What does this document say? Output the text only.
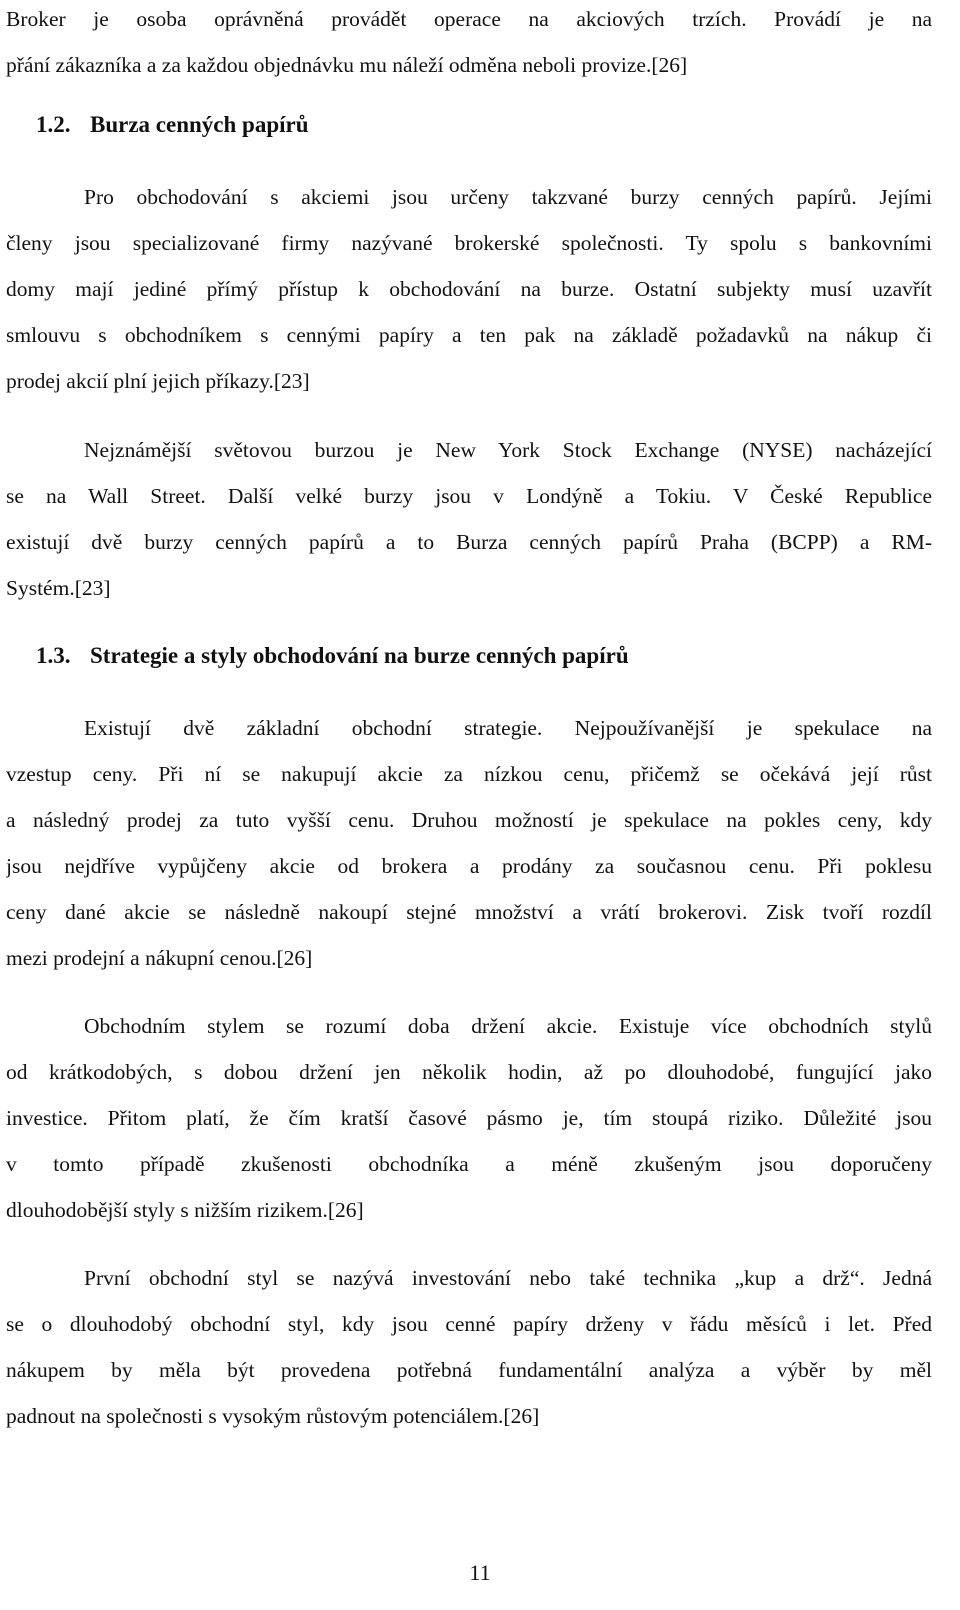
Broker je osoba oprávněná provádět operace na akciových trzích. Provádí je na
přání zákazníka a za každou objednávku mu náleží odměna neboli provize.[26]
1.2. Burza cenných papírů
Pro obchodování s akciemi jsou určeny takzvané burzy cenných papírů. Jejími
členy jsou specializované firmy nazývané brokerské společnosti. Ty spolu s bankovními
domy mají jediné přímý přístup k obchodování na burze. Ostatní subjekty musí uzavřít
smlouvu s obchodníkem s cennými papíry a ten pak na základě požadavků na nákup či
prodej akcií plní jejich příkazy.[23]
Nejznámější světovou burzou je New York Stock Exchange (NYSE) nacházející
se na Wall Street. Další velké burzy jsou v Londýně a Tokiu. V České Republice
existují dvě burzy cenných papírů a to Burza cenných papírů Praha (BCPP) a RM-
Systém.[23]
1.3. Strategie a styly obchodování na burze cenných papírů
Existují dvě základní obchodní strategie. Nejpoužívanější je spekulace na
vzestup ceny. Při ní se nakupují akcie za nízkou cenu, přičemž se očekává její růst
a následný prodej za tuto vyšší cenu. Druhou možností je spekulace na pokles ceny, kdy
jsou nejdříve vypůjčeny akcie od brokera a prodány za současnou cenu. Při poklesu
ceny dané akcie se následně nakoupí stejné množství a vrátí brokerovi. Zisk tvoří rozdíl
mezi prodejní a nákupní cenou.[26]
Obchodním stylem se rozumí doba držení akcie. Existuje více obchodních stylů
od krátkodobých, s dobou držení jen několik hodin, až po dlouhodobé, fungující jako
investice. Přitom platí, že čím kratší časové pásmo je, tím stoupá riziko. Důležité jsou
v tomto případě zkušenosti obchodníka a méně zkušeným jsou doporučeny
dlouhodobější styly s nižším rizikem.[26]
První obchodní styl se nazývá investování nebo také technika „kup a drž“. Jedná
se o dlouhodobý obchodní styl, kdy jsou cenné papíry drženy v řádu měsíců i let. Před
nákupem by měla být provedena potřebná fundamentální analýza a výběr by měl
padnout na společnosti s vysokým růstovým potenciálem.[26]
11
